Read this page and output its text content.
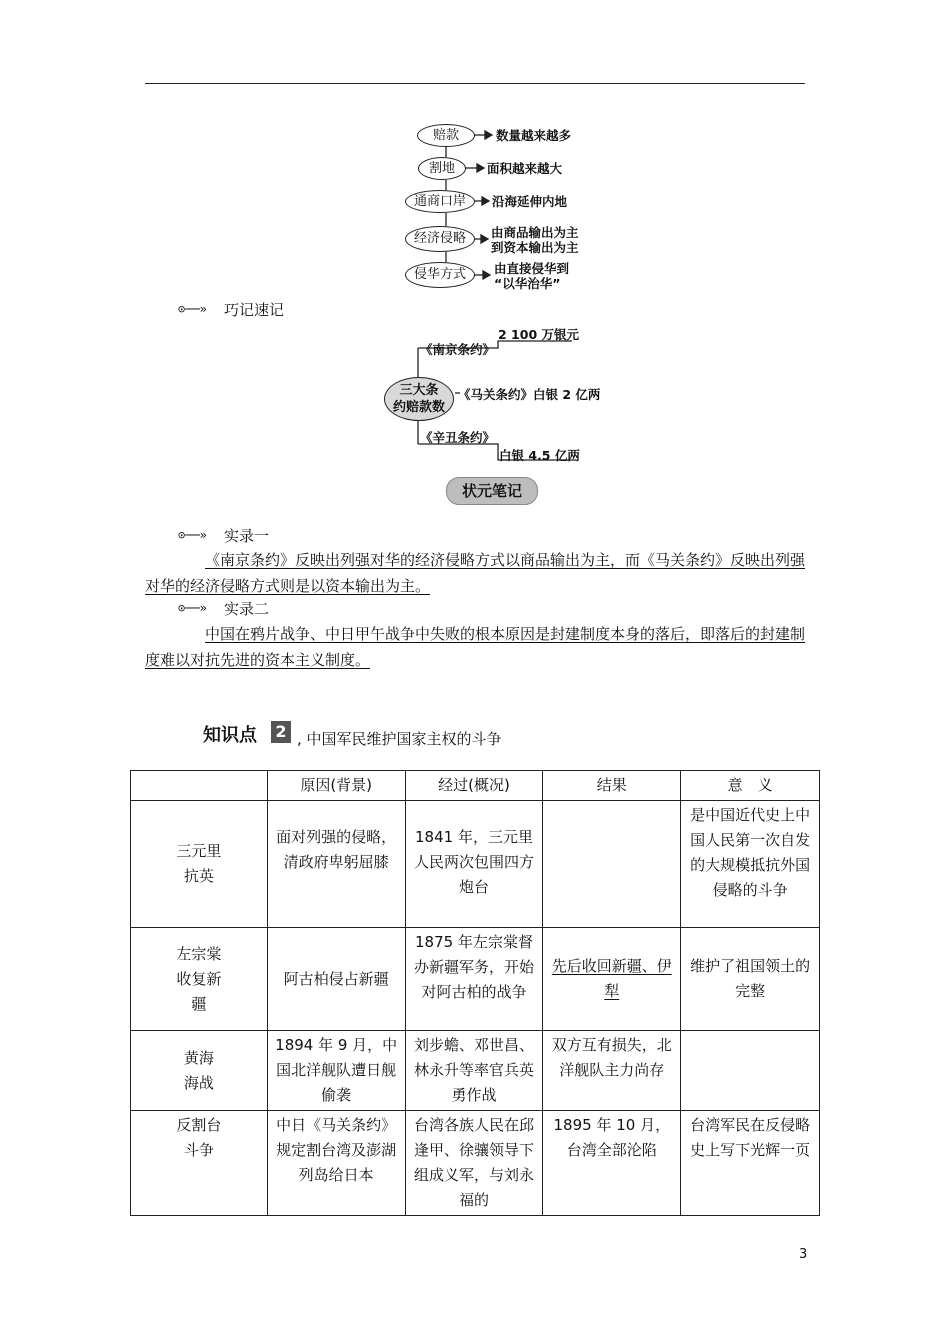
赔款	数量越来越多
割地	面积越来越大
通商口岸	沿海延伸内地
经济侵略	由商品输出为主
到资本输出为主
侵华方式	由直接侵华到
“以华治华”
⊙──» 巧记速记
《南京条约》
2 100 万银元
《马关条约》白银 2 亿两
《辛丑条约》
白银 4.5 亿两
三大条
约赔款数
状元笔记
⊙──» 实录一
《南京条约》反映出列强对华的经济侵略方式以商品输出为主，而《马关条约》反映出列强对华的经济侵略方式则是以资本输出为主。
⊙──» 实录二
中国在鸦片战争、中日甲午战争中失败的根本原因是封建制度本身的落后，即落后的封建制度难以对抗先进的资本主义制度。
知识点 2 , 中国军民维护国家主权的斗争
	原因(背景)	经过(概况)	结果	意　义
三元里
抗英	面对列强的侵略，清政府卑躬屈膝	1841 年，三元里人民两次包围四方炮台		是中国近代史上中国人民第一次自发的大规模抵抗外国侵略的斗争
左宗棠
收复新
疆	阿古柏侵占新疆	1875 年左宗棠督办新疆军务，开始对阿古柏的战争	先后收回新疆、伊犁	维护了祖国领土的完整
黄海
海战	1894 年 9 月，中国北洋舰队遭日舰偷袭	刘步蟾、邓世昌、林永升等率官兵英勇作战	双方互有损失，北洋舰队主力尚存	
反割台
斗争	中日《马关条约》规定割台湾及澎湖列岛给日本	台湾各族人民在邱逢甲、徐骧领导下组成义军，与刘永福的	1895 年 10 月，台湾全部沦陷	台湾军民在反侵略史上写下光辉一页
3
